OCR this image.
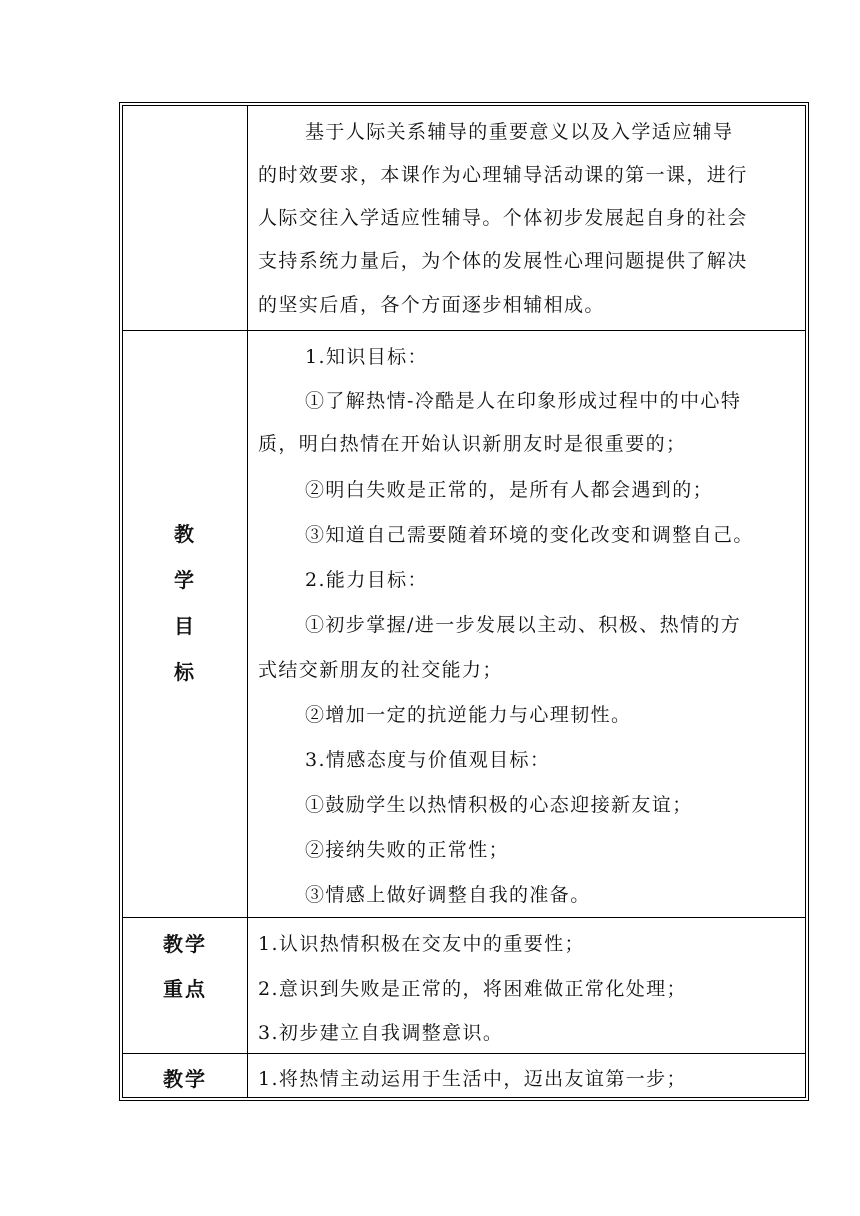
基于人际关系辅导的重要意义以及入学适应辅导
的时效要求，本课作为心理辅导活动课的第一课，进行
人际交往入学适应性辅导。个体初步发展起自身的社会
支持系统力量后，为个体的发展性心理问题提供了解决
的坚实后盾，各个方面逐步相辅相成。
教
学
目
标
1.知识目标：
①了解热情-冷酷是人在印象形成过程中的中心特
质，明白热情在开始认识新朋友时是很重要的；
②明白失败是正常的，是所有人都会遇到的；
③知道自己需要随着环境的变化改变和调整自己。
2.能力目标：
①初步掌握/进一步发展以主动、积极、热情的方
式结交新朋友的社交能力；
②增加一定的抗逆能力与心理韧性。
3.情感态度与价值观目标：
①鼓励学生以热情积极的心态迎接新友谊；
②接纳失败的正常性；
③情感上做好调整自我的准备。
教学
重点
1.认识热情积极在交友中的重要性；
2.意识到失败是正常的，将困难做正常化处理；
3.初步建立自我调整意识。
教学	1.将热情主动运用于生活中，迈出友谊第一步；
